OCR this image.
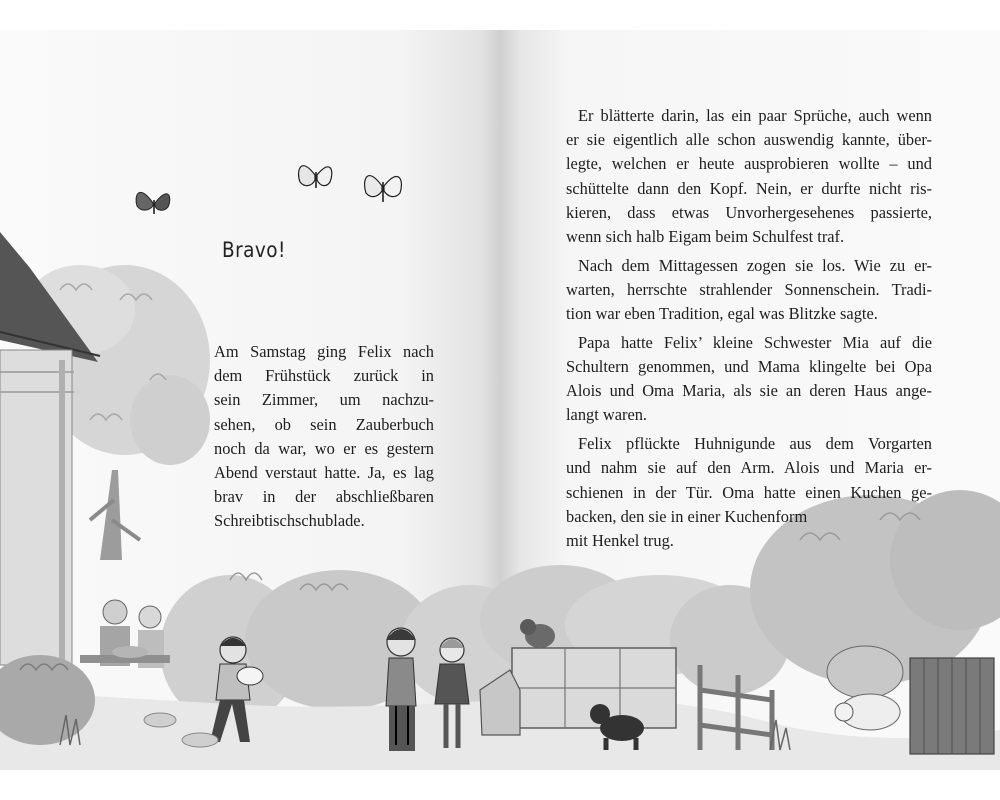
Bravo!
Am Samstag ging Felix nach
dem Frühstück zurück in
sein Zimmer, um nachzu-
sehen, ob sein Zauberbuch
noch da war, wo er es gestern
Abend verstaut hatte. Ja, es lag
brav in der abschließbaren
Schreibtischschublade.
Er blätterte darin, las ein paar Sprüche, auch wenn
er sie eigentlich alle schon auswendig kannte, über-
legte, welchen er heute ausprobieren wollte – und
schüttelte dann den Kopf. Nein, er durfte nicht ris-
kieren, dass etwas Unvorhergesehenes passierte,
wenn sich halb Eigam beim Schulfest traf.
Nach dem Mittagessen zogen sie los. Wie zu er-
warten, herrschte strahlender Sonnenschein. Tradi-
tion war eben Tradition, egal was Blitzke sagte.
Papa hatte Felix’ kleine Schwester Mia auf die
Schultern genommen, und Mama klingelte bei Opa
Alois und Oma Maria, als sie an deren Haus ange-
langt waren.
Felix pflückte Huhnigunde aus dem Vorgarten
und nahm sie auf den Arm. Alois und Maria er-
schienen in der Tür. Oma hatte einen Kuchen ge-
backen, den sie in einer Kuchenform
mit Henkel trug.
